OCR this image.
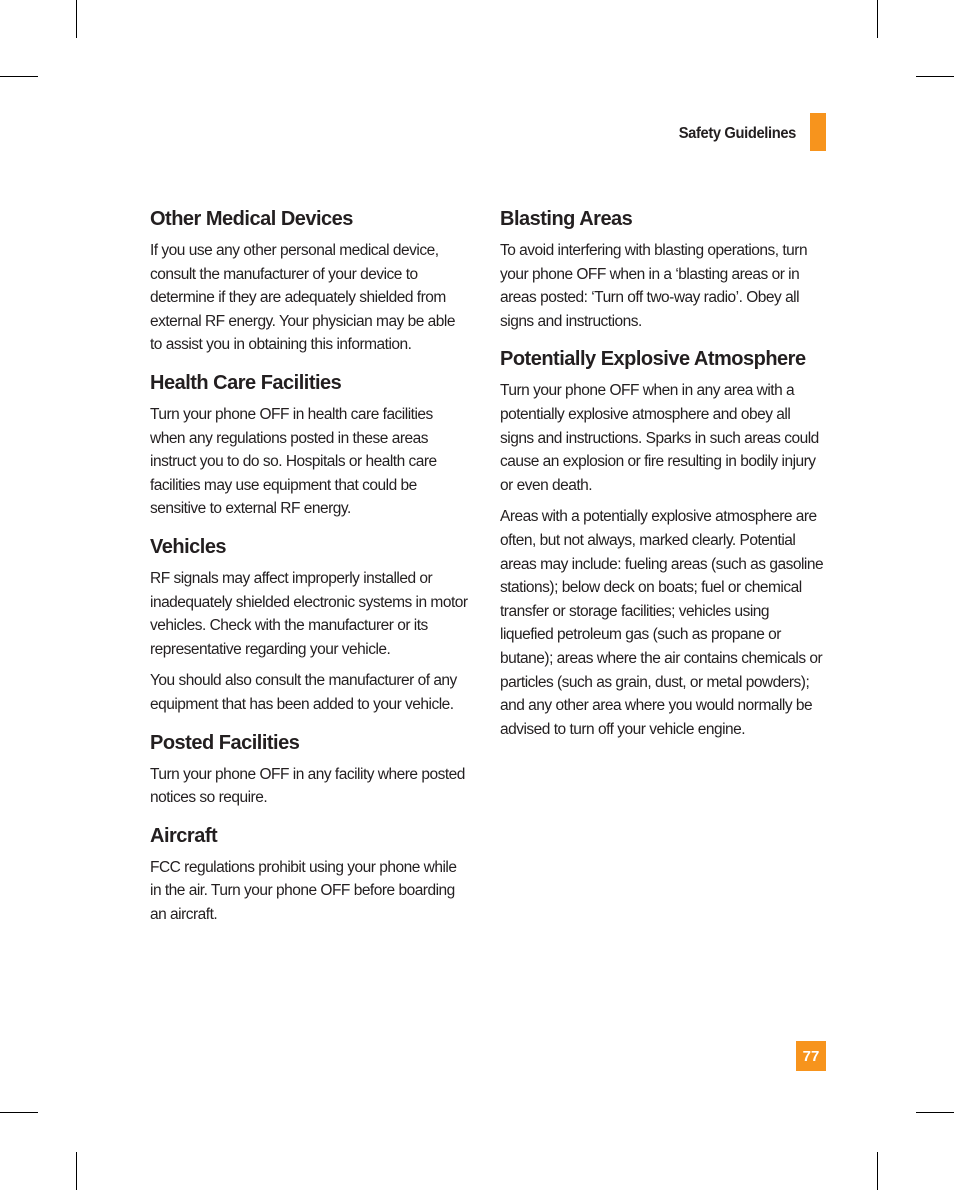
Safety Guidelines
Other Medical Devices

If you use any other personal medical device, consult the manufacturer of your device to determine if they are adequately shielded from external RF energy. Your physician may be able to assist you in obtaining this information.

Health Care Facilities

Turn your phone OFF in health care facilities when any regulations posted in these areas instruct you to do so. Hospitals or health care facilities may use equipment that could be sensitive to external RF energy.

Vehicles

RF signals may affect improperly installed or inadequately shielded electronic systems in motor vehicles. Check with the manufacturer or its representative regarding your vehicle.

You should also consult the manufacturer of any equipment that has been added to your vehicle.

Posted Facilities

Turn your phone OFF in any facility where posted notices so require.

Aircraft

FCC regulations prohibit using your phone while in the air. Turn your phone OFF before boarding an aircraft.

Blasting Areas

To avoid interfering with blasting operations, turn your phone OFF when in a ‘blasting areas or in areas posted: ‘Turn off two-way radio’. Obey all signs and instructions.

Potentially Explosive Atmosphere

Turn your phone OFF when in any area with a potentially explosive atmosphere and obey all signs and instructions. Sparks in such areas could cause an explosion or fire resulting in bodily injury or even death.

Areas with a potentially explosive atmosphere are often, but not always, marked clearly. Potential areas may include: fueling areas (such as gasoline stations); below deck on boats; fuel or chemical transfer or storage facilities; vehicles using liquefied petroleum gas (such as propane or butane); areas where the air contains chemicals or particles (such as grain, dust, or metal powders); and any other area where you would normally be advised to turn off your vehicle engine.

77
